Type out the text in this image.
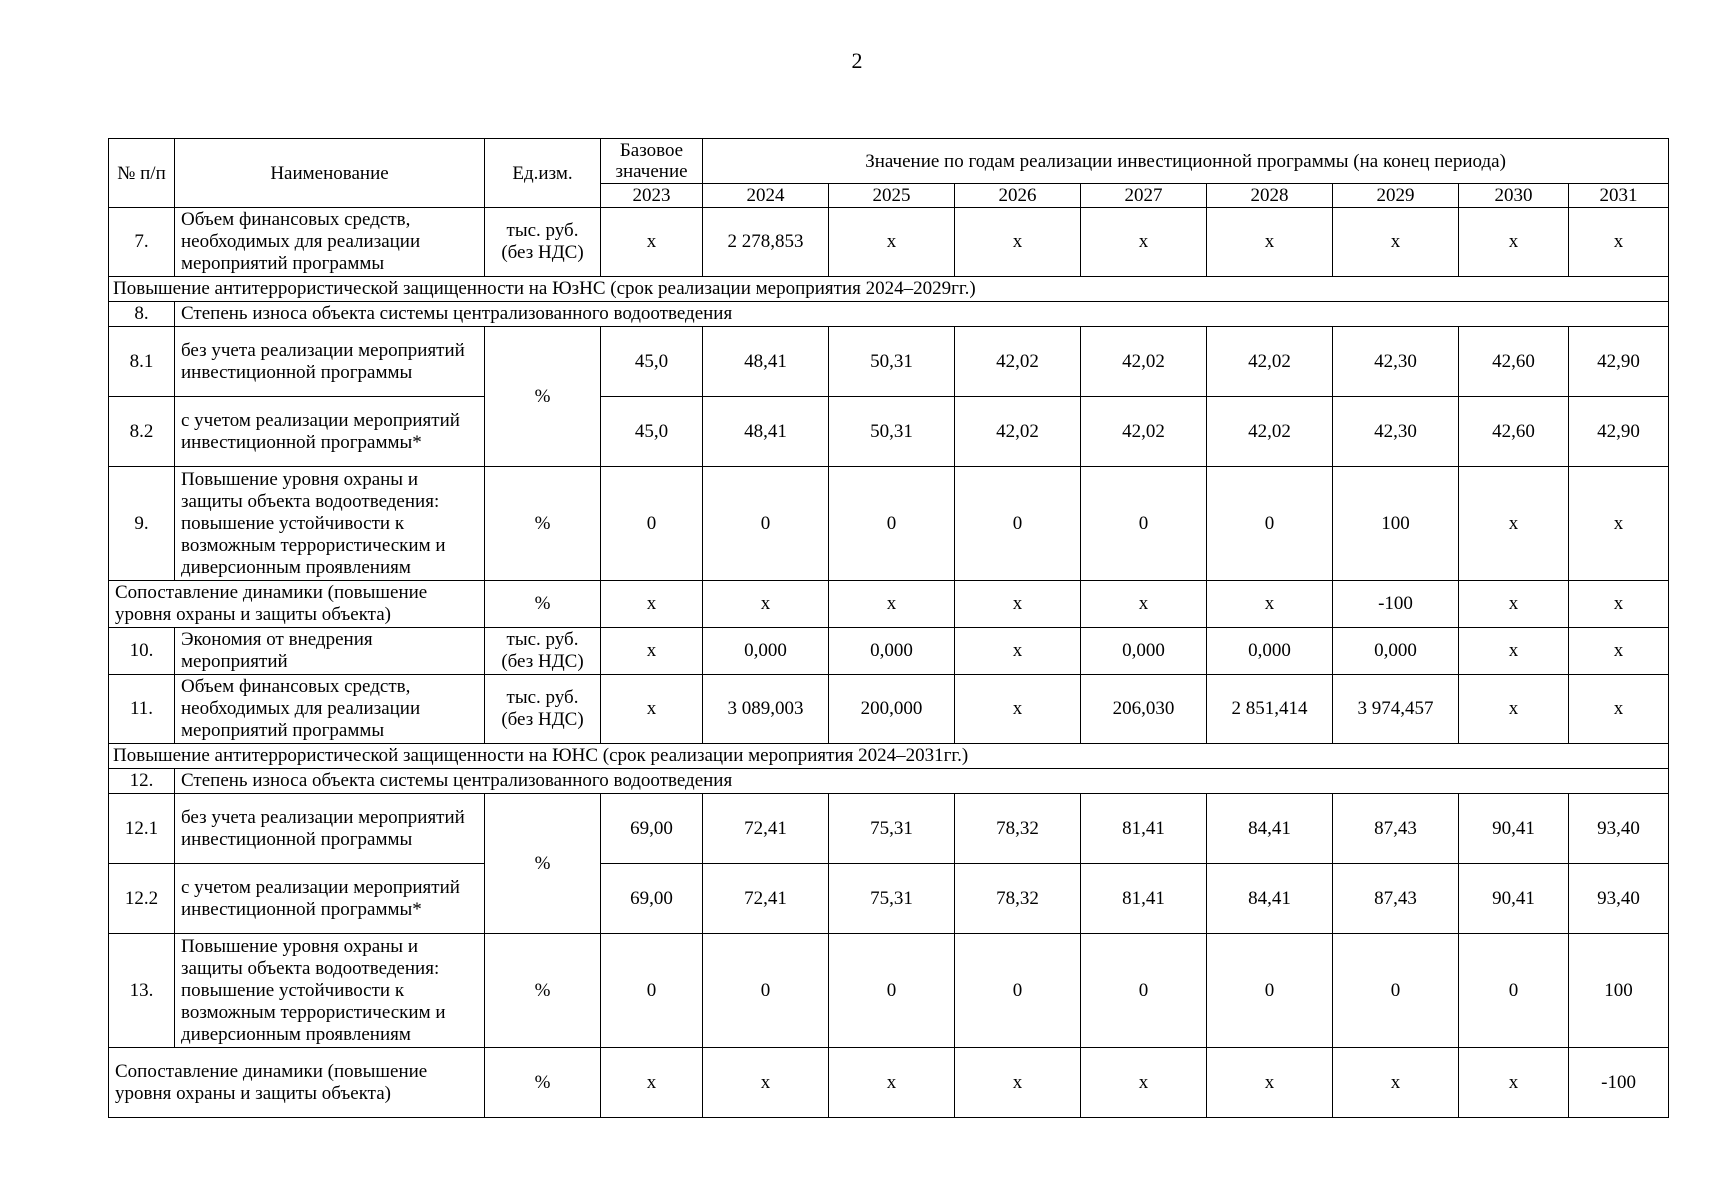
2
№ п/п	Наименование	Ед.изм.	Базовое значение	Значение по годам реализации инвестиционной программы (на конец периода)							
			2023	2024	2025	2026	2027	2028	2029	2030	2031
7.	Объем финансовых средств, необходимых для реализации мероприятий программы	тыс. руб. (без НДС)	x	2 278,853	x	x	x	x	x	x	x
Повышение антитеррористической защищенности на ЮзНС (срок реализации мероприятия 2024–2029гг.)											
8.	Степень износа объекта системы централизованного водоотведения										
8.1	без учета реализации мероприятий инвестиционной программы	%	45,0	48,41	50,31	42,02	42,02	42,02	42,30	42,60	42,90
8.2	с учетом реализации мероприятий инвестиционной программы*		45,0	48,41	50,31	42,02	42,02	42,02	42,30	42,60	42,90
9.	Повышение уровня охраны и защиты объекта водоотведения: повышение устойчивости к возможным террористическим и диверсионным проявлениям	%	0	0	0	0	0	0	100	x	x
Сопоставление динамики (повышение уровня охраны и защиты объекта)		%	x	x	x	x	x	x	-100	x	x
10.	Экономия от внедрения мероприятий	тыс. руб. (без НДС)	x	0,000	0,000	x	0,000	0,000	0,000	x	x
11.	Объем финансовых средств, необходимых для реализации мероприятий программы	тыс. руб. (без НДС)	x	3 089,003	200,000	x	206,030	2 851,414	3 974,457	x	x
Повышение антитеррористической защищенности на ЮНС (срок реализации мероприятия 2024–2031гг.)											
12.	Степень износа объекта системы централизованного водоотведения										
12.1	без учета реализации мероприятий инвестиционной программы	%	69,00	72,41	75,31	78,32	81,41	84,41	87,43	90,41	93,40
12.2	с учетом реализации мероприятий инвестиционной программы*		69,00	72,41	75,31	78,32	81,41	84,41	87,43	90,41	93,40
13.	Повышение уровня охраны и защиты объекта водоотведения: повышение устойчивости к возможным террористическим и диверсионным проявлениям	%	0	0	0	0	0	0	0	0	100
Сопоставление динамики (повышение уровня охраны и защиты объекта)		%	x	x	x	x	x	x	x	x	-100
